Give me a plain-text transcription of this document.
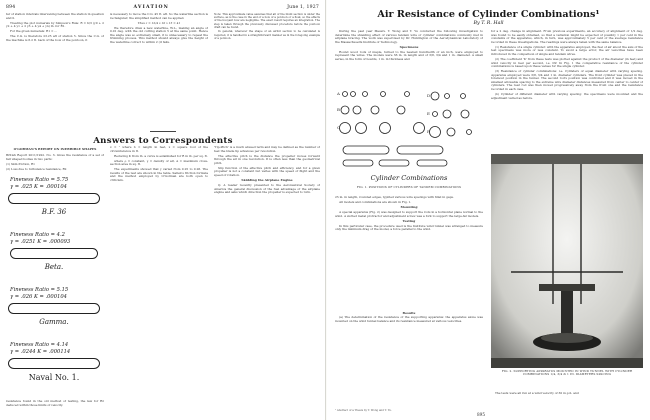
894	AVIATION	June 1, 1927

fer of station intervals intervening between the station in question and 0.

Treating the plot numerals by Simpson's Rule: R = h/3 (y0 + 2 y2 + 4 y1 + 2 y3 + 4 y4 + yn) lb. for R1.

For the given numerals: R1 = ...

The C.G. is therefore 23.25 aft of station 5. Since the C.G. of the machine is 6.2 ft. back of the bow of the pontoon, it

is necessary to move the C.G. 45 ft. aft. So the waterline section is rectangular; the simplified method can be applied.

Thus z = 12/4 x 10 x 15 = 41

We therefore draw a new waterline, W.L., making an angle of 0.01 deg. with the old cutting station 5 at the same point. Hence the angle was so extremely small, it is unnecessary to repeat the trimming process. This method should always give the height of the waterline correct to within 2 (it fails.

Note: This approximate value assumes that all of the blunt section is under the surface, as is the case in the end of a bow of a pontoon or a float, so the effects of the buoyant bow are negligible. The exact result requires an integration. The step is taken through the previously discussed procedure before the pontoon draft can be found.

In general, wherever the shape of an airfoil section to be calculated is required, it is handled in a straightforward manner as in the foregoing example of a pontoon.

Answers to Correspondents

O'GORMAN'S REPORT ON INERRIBLE SHAPES

British Report 2011/1922. No. 3. Gives the resistance of a set of fair shaped bodies in two parts:

(1) Skin friction, R1

(2) Loss due to turbulence resistance, R2

Fineness Ratio = 5.75
γ = .025 K = .000104
B.F. 36
Fineness Ratio = 4.2
γ = .0251 K = .000093
Beta.
Fineness Ratio = 5.15
γ = .026 K = .000104
Gamma.
Fineness Ratio = 4.14
γ = .0244 K = .000114
Naval No. 1.

resistance found in the old method of testing, the law for R2 deduced within those limits of velocity.

x = ² where b = length in feet, x = square root of the circumference in ft.

Reducing K from lb. a curve is established for R in lb. per sq. ft.

where ρ = constant, γ = density of air, A = maximum cross-section area in sq. ft.

The experiments showed that y varied from 0.25 to 0.26. The results of the test are shown in the table. Sallen's friction formula and the method employed by O'Gorman are both open to criticism.

'Tip-Pitch' is a much abused term and may be defined as the number of feet the blade tip advances per revolution.

The effective pitch is the distance the propeller moves forward through the air in one revolution. It is often less than the geometrical pitch.

Slip function of the effective pitch and efficiency, and for a given propeller is not a constant but varies with the speed of flight and the speed of rotation.

Skidding the Airplane Engine

Q. A reader recently presented to the Aeronautical Society of America the general discussion of the fuel advantage of the airplane engine and asks which direction the propeller is expected to turn.

Air Resistance of Cylinder Combinations¹
By T. R. Hall

During the past year Messrs. T. Wong and T. Yu conducted the following investigation to determine the shielding effect of various tandem wire or cylinder combinations commonly met in airplane bracing. The work was supervised by Dr. Huntington of the Aerodynamical Laboratory of the Massachusetts Institute of Technology.

Specimens

Round wood rods of maple, turned to the nearest hundredth of an inch, were employed to represent the wires. The models were 36 in. in length and of 3/8, 3/4 and 1 in. diameter. A small series, in the form of boards, 1 in. in thickness and

A
B
C
D
E
F
Cylinder Combinations
FIG. 1. POSITIONS OF CYLINDERS OF TANDEM COMBINATIONS

25 in. in length, rounded edges, typified various wire spacings with fillet in gaps.

All models and combinations are shown in Fig. 1.

Mounting

A special apparatus (Fig. 2) was designed to support the rods in a horizontal plane normal to the wind. A slotted metal protractor and adjustment screw was a fork to support the large-fat models.

Testing

In this particular case, the procedure used is the Institute wind tunnel was arranged to measure only the minimum drag of the model, a force parallel to the wind.

Results

(a) The determination of the resistance of the supporting apparatus: the apparatus alone was mounted on the wind tunnel balance and its resistance measured at various velocities.

for a 2 deg. change in alignment. From previous experiments, an accuracy of alignment of 1/2 deg. was found to be easily obtained, so that a variation might be expected of possibly 1 per cent in the constants of the apparatus, which, in turn, was approximately 5 per cent of the average resistance recorded in these investigations. The readings were always taken with the same balance.

(1) Resistance of a single cylinder: with the apparatus employed, the fuel of air about the axis of the test specimens was more or less constant. To avoid a large error, the air velocities have been introduced in the comparison of single and tandem wires.

(2) The coefficient 'K' from these tests was plotted against the product of the diameter (in feet) and wind velocity in feet per second, i.e. DV. In Fig. 1 the comparative resistance of the cylinder combinations is based upon these values for the single cylinder.

(3) Resistance of cylinder combinations: i.e. Cylinders of equal diameter with varying spacing. Apparatus employed were 3/8, 3/4 and 1 in. diameter cylinders. The front cylinder was placed in the foremost position in the tunnel. The second rod's position was controlled and it was moved in the smallest allowable spacing to the extreme wire diameter distances measured from center to center of cylinders. The rear rod was then moved progressively away from the front one and the resistance recorded in each case.

(b) Cylinder of different diameter with varying spacing: the specimens were mounted and the adjustment varied as before.

FIG. 2. SUPPORTING APPARATUS MOUNTED IN WIND TUNNEL WITH CYLINDER COMBINATIONS 1/4, 3/4 & 1 IN. DIAMETERS SPACING

The tests were all run at a wind velocity of 30 m.p.h. and

¹ Abstract of a Thesis by T. Wong and T. Yu.
895
